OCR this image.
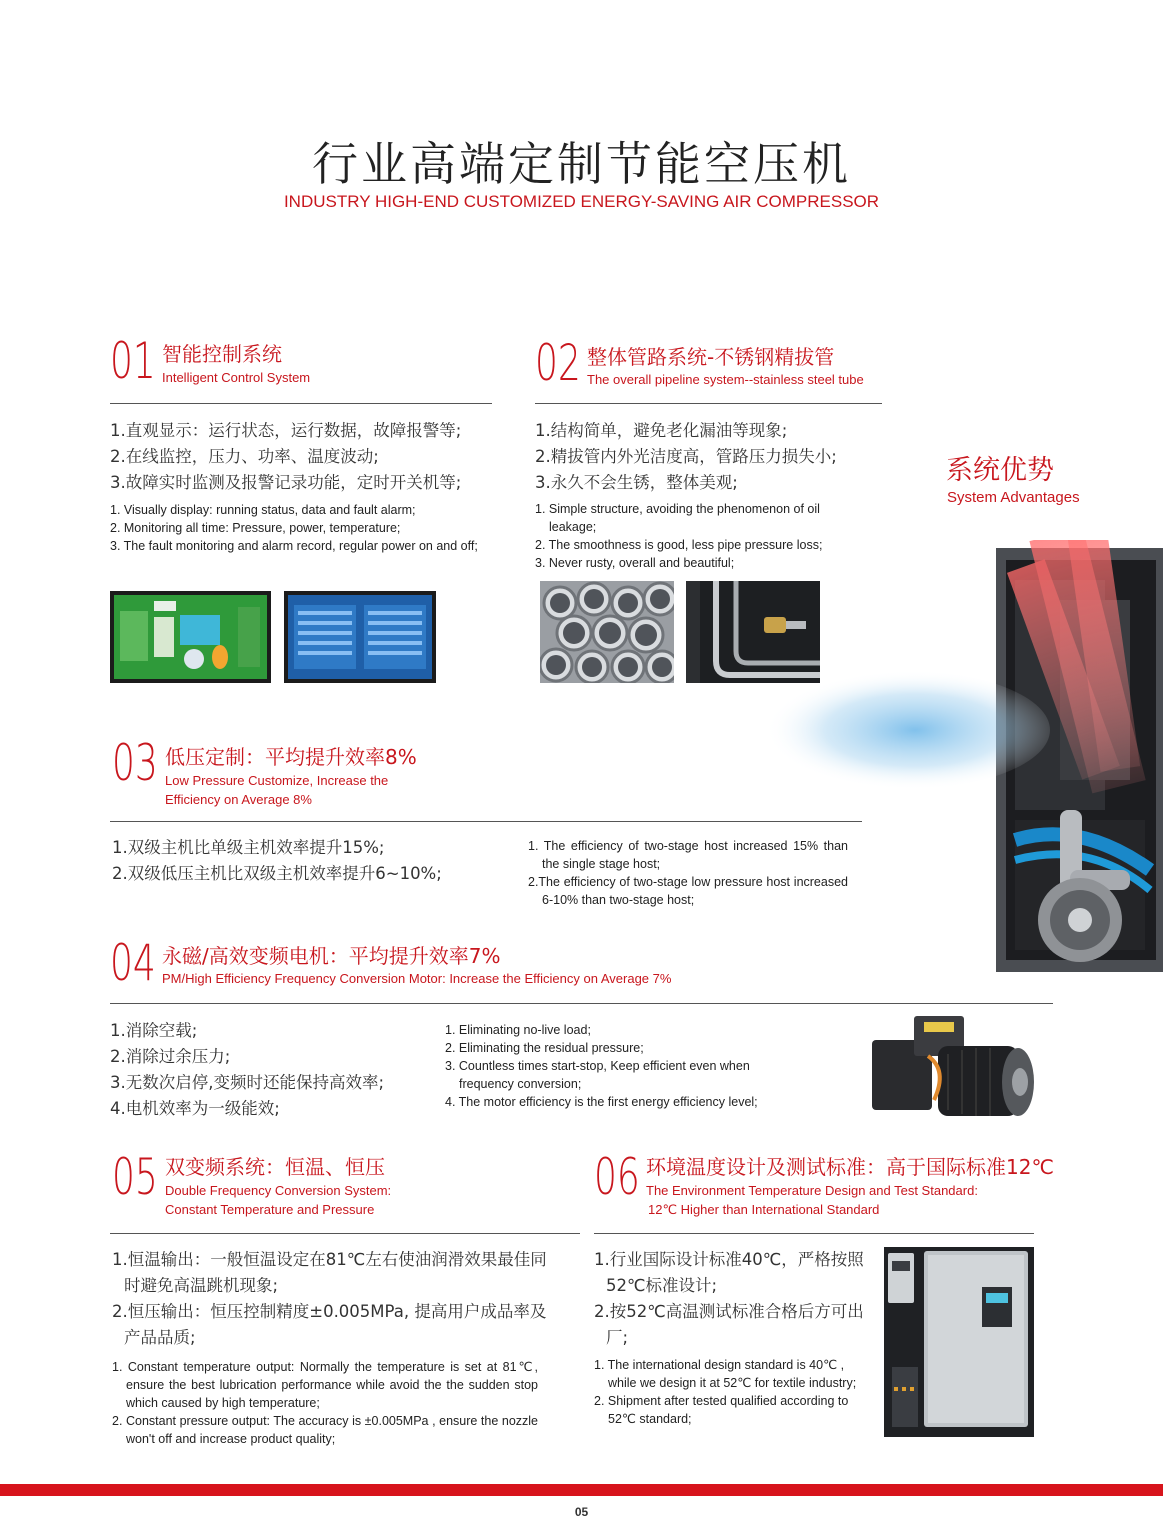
行业高端定制节能空压机
INDUSTRY HIGH-END CUSTOMIZED ENERGY-SAVING AIR COMPRESSOR
系统优势
System Advantages
01 智能控制系统
Intelligent Control System
1.直观显示：运行状态，运行数据，故障报警等;
2.在线监控，压力、功率、温度波动;
3.故障实时监测及报警记录功能，定时开关机等;
1. Visually display: running status, data and fault alarm;
2. Monitoring all time: Pressure, power, temperature;
3. The fault monitoring and alarm record, regular power on and off;
02 整体管路系统-不锈钢精拔管
The overall pipeline system--stainless steel tube
1.结构简单，避免老化漏油等现象;
2.精拔管内外光洁度高，管路压力损失小;
3.永久不会生锈，整体美观;
1. Simple structure, avoiding the phenomenon of oil leakage;
2. The smoothness is good, less pipe pressure loss;
3. Never rusty, overall and beautiful;
03 低压定制：平均提升效率8%
Low Pressure Customize, Increase the
Efficiency on Average 8%
1.双级主机比单级主机效率提升15%;
2.双级低压主机比双级主机效率提升6~10%;
1. The efficiency of two-stage host increased 15% than the single stage host;
2.The efficiency of two-stage low pressure host increased 6-10% than two-stage host;
04 永磁/高效变频电机：平均提升效率7%
PM/High Efficiency Frequency Conversion Motor: Increase the Efficiency on Average 7%
1.消除空载;
2.消除过余压力;
3.无数次启停,变频时还能保持高效率;
4.电机效率为一级能效;
1. Eliminating no-live load;
2. Eliminating the residual pressure;
3. Countless times start-stop, Keep efficient even when frequency conversion;
4. The motor efficiency is the first energy efficiency level;
05 双变频系统：恒温、恒压
Double Frequency Conversion System:
Constant Temperature and Pressure
1.恒温输出：一般恒温设定在81℃左右使油润滑效果最佳同时避免高温跳机现象;
2.恒压输出：恒压控制精度±0.005MPa, 提高用户成品率及产品品质;
1. Constant temperature output: Normally the temperature is set at 81℃, ensure the best lubrication performance while avoid the the sudden stop which caused by high temperature;
2. Constant pressure output: The accuracy is ±0.005MPa , ensure the nozzle won't off and increase product quality;
06 环境温度设计及测试标准：高于国际标准12℃
The Environment Temperature Design and Test Standard:
12℃ Higher than International Standard
1.行业国际设计标准40℃，严格按照52℃标准设计;
2.按52℃高温测试标准合格后方可出厂;
1. The international design standard is 40℃ , while we design it at 52℃ for textile industry;
2. Shipment after tested qualified according to 52℃ standard;
05
